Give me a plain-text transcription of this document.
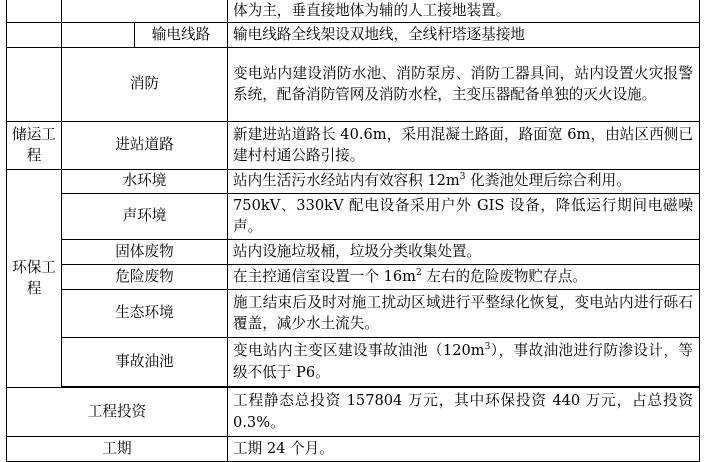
			体为主，垂直接地体为辅的人工接地装置。
		输电线路	输电线路全线架设双地线，全线杆塔逐基接地
	消防		变电站内建设消防水池、消防泵房、消防工器具间，站内设置火灾报警系统，配备消防管网及消防水栓，主变压器配备单独的灭火设施。
储运工程	进站道路		新建进站道路长 40.6m，采用混凝土路面，路面宽 6m，由站区西侧已建村村通公路引接。
环保工程	水环境		站内生活污水经站内有效容积 $12m^3$ 化粪池处理后综合利用。
	声环境		750kV、330kV 配电设备采用户外 GIS 设备，降低运行期间电磁噪声。
	固体废物		站内设施垃圾桶，垃圾分类收集处置。
	危险废物		在主控通信室设置一个 $16m^2$ 左右的危险废物贮存点。
	生态环境		施工结束后及时对施工扰动区域进行平整绿化恢复，变电站内进行砾石覆盖，减少水土流失。
	事故油池		变电站内主变区建设事故油池$(120m^3)$，事故油池进行防渗设计，等级不低于 P6。

工程投资			工程静态总投资 157804 万元，其中环保投资 440 万元，占总投资 0.3%。
工期			工期 24 个月。
